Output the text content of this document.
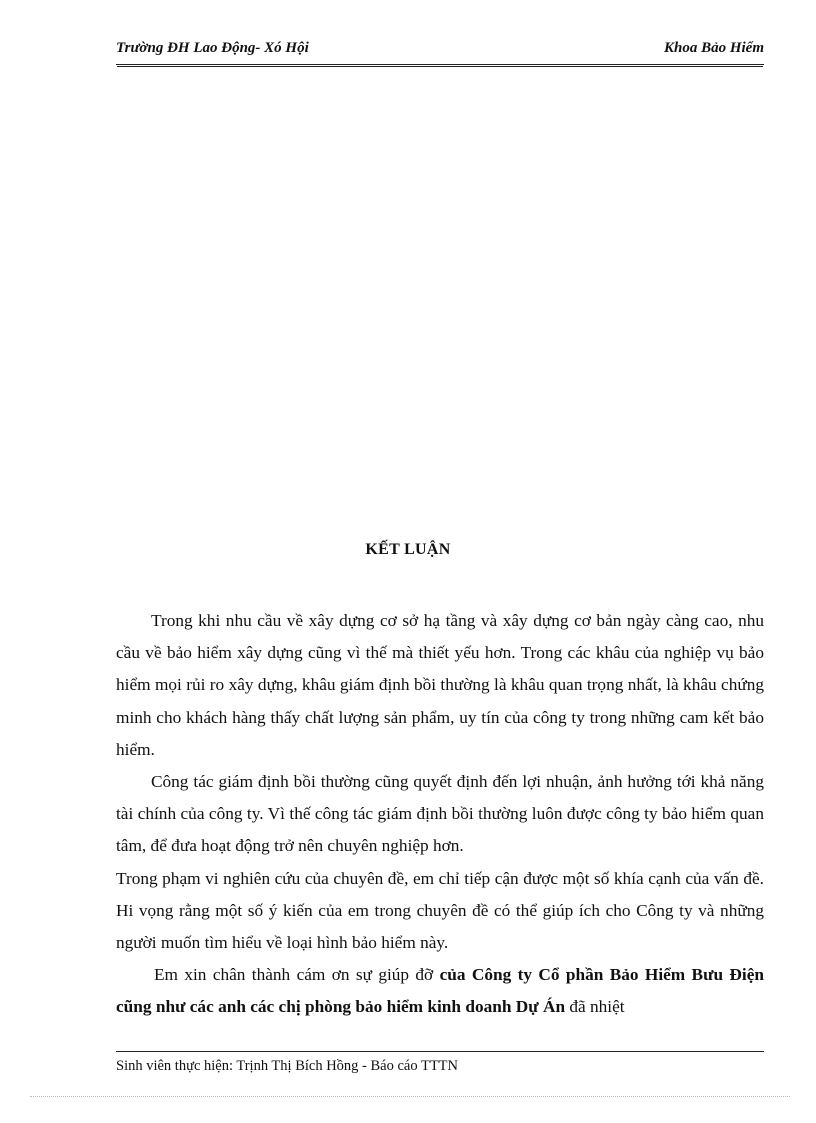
Trường ĐH Lao Động- Xó Hội	Khoa Bảo Hiểm
KẾT LUẬN

Trong khi nhu cầu về xây dựng cơ sở hạ tầng và xây dựng cơ bản ngày càng cao, nhu cầu về bảo hiểm xây dựng cũng vì thế mà thiết yếu hơn. Trong các khâu của nghiệp vụ bảo hiểm mọi rủi ro xây dựng, khâu giám định bồi thường là khâu quan trọng nhất, là khâu chứng minh cho khách hàng thấy chất lượng sản phẩm, uy tín của công ty trong những cam kết bảo hiểm.

Công tác giám định bồi thường cũng quyết định đến lợi nhuận, ảnh hưởng tới khả năng tài chính của công ty. Vì thế công tác giám định bồi thường luôn được công ty bảo hiểm quan tâm, để đưa hoạt động trở nên chuyên nghiệp hơn.

Trong phạm vi nghiên cứu của chuyên đề, em chỉ tiếp cận được một số khía cạnh của vấn đề. Hi vọng rằng một số ý kiến của em trong chuyên đề có thể giúp ích cho Công ty và những người muốn tìm hiểu về loại hình bảo hiểm này.

Em xin chân thành cám ơn sự giúp đỡ của Công ty Cổ phần Bảo Hiểm Bưu Điện cũng như các anh các chị phòng bảo hiểm kinh doanh Dự Án đã nhiệt

Sinh viên thực hiện: Trịnh Thị Bích Hồng - Báo cáo TTTN
